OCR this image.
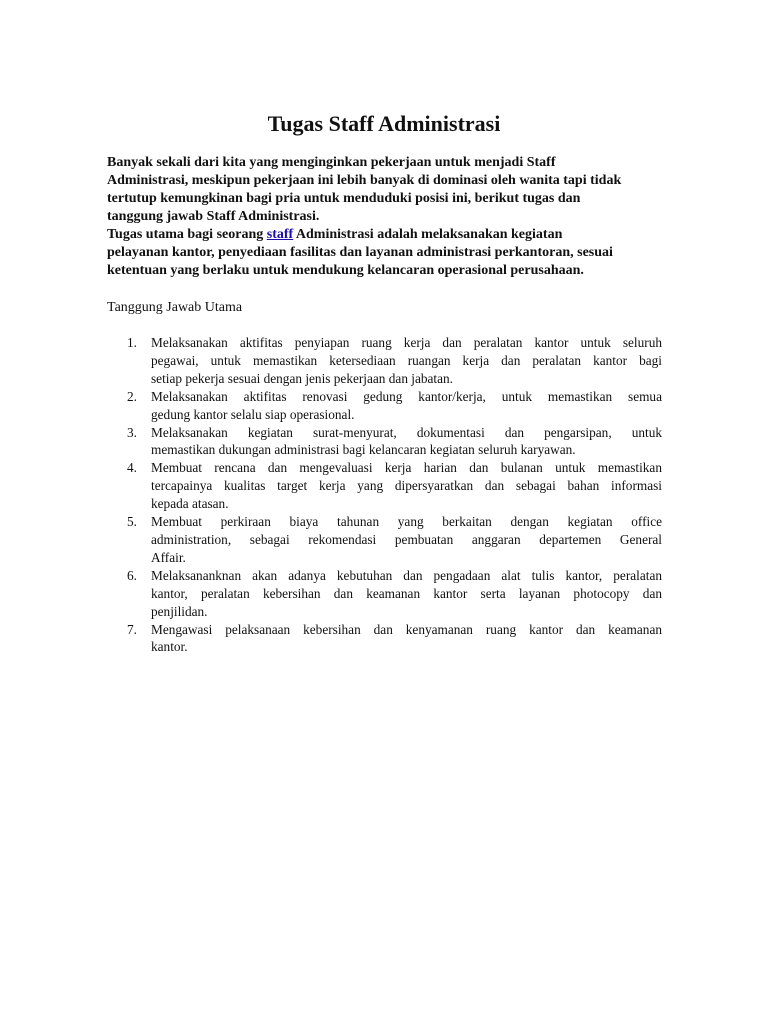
Tugas Staff Administrasi

Banyak sekali dari kita yang menginginkan pekerjaan untuk menjadi Staff
Administrasi, meskipun pekerjaan ini lebih banyak di dominasi oleh wanita tapi tidak
tertutup kemungkinan bagi pria untuk menduduki posisi ini, berikut tugas dan
tanggung jawab Staff Administrasi.

Tugas utama bagi seorang staff Administrasi adalah melaksanakan kegiatan
pelayanan kantor, penyediaan fasilitas dan layanan administrasi perkantoran, sesuai
ketentuan yang berlaku untuk mendukung kelancaran operasional perusahaan.

Tanggung Jawab Utama
1. Melaksanakan aktifitas penyiapan ruang kerja dan peralatan kantor untuk seluruh
pegawai, untuk memastikan ketersediaan ruangan kerja dan peralatan kantor bagi
setiap pekerja sesuai dengan jenis pekerjaan dan jabatan.
2. Melaksanakan aktifitas renovasi gedung kantor/kerja, untuk memastikan semua
gedung kantor selalu siap operasional.
3. Melaksanakan kegiatan surat-menyurat, dokumentasi dan pengarsipan, untuk
memastikan dukungan administrasi bagi kelancaran kegiatan seluruh karyawan.
4. Membuat rencana dan mengevaluasi kerja harian dan bulanan untuk memastikan
tercapainya kualitas target kerja yang dipersyaratkan dan sebagai bahan informasi
kepada atasan.
5. Membuat perkiraan biaya tahunan yang berkaitan dengan kegiatan office
administration, sebagai rekomendasi pembuatan anggaran departemen General
Affair.
6. Melaksananknan akan adanya kebutuhan dan pengadaan alat tulis kantor, peralatan
kantor, peralatan kebersihan dan keamanan kantor serta layanan photocopy dan
penjilidan.
7. Mengawasi pelaksanaan kebersihan dan kenyamanan ruang kantor dan keamanan
kantor.
